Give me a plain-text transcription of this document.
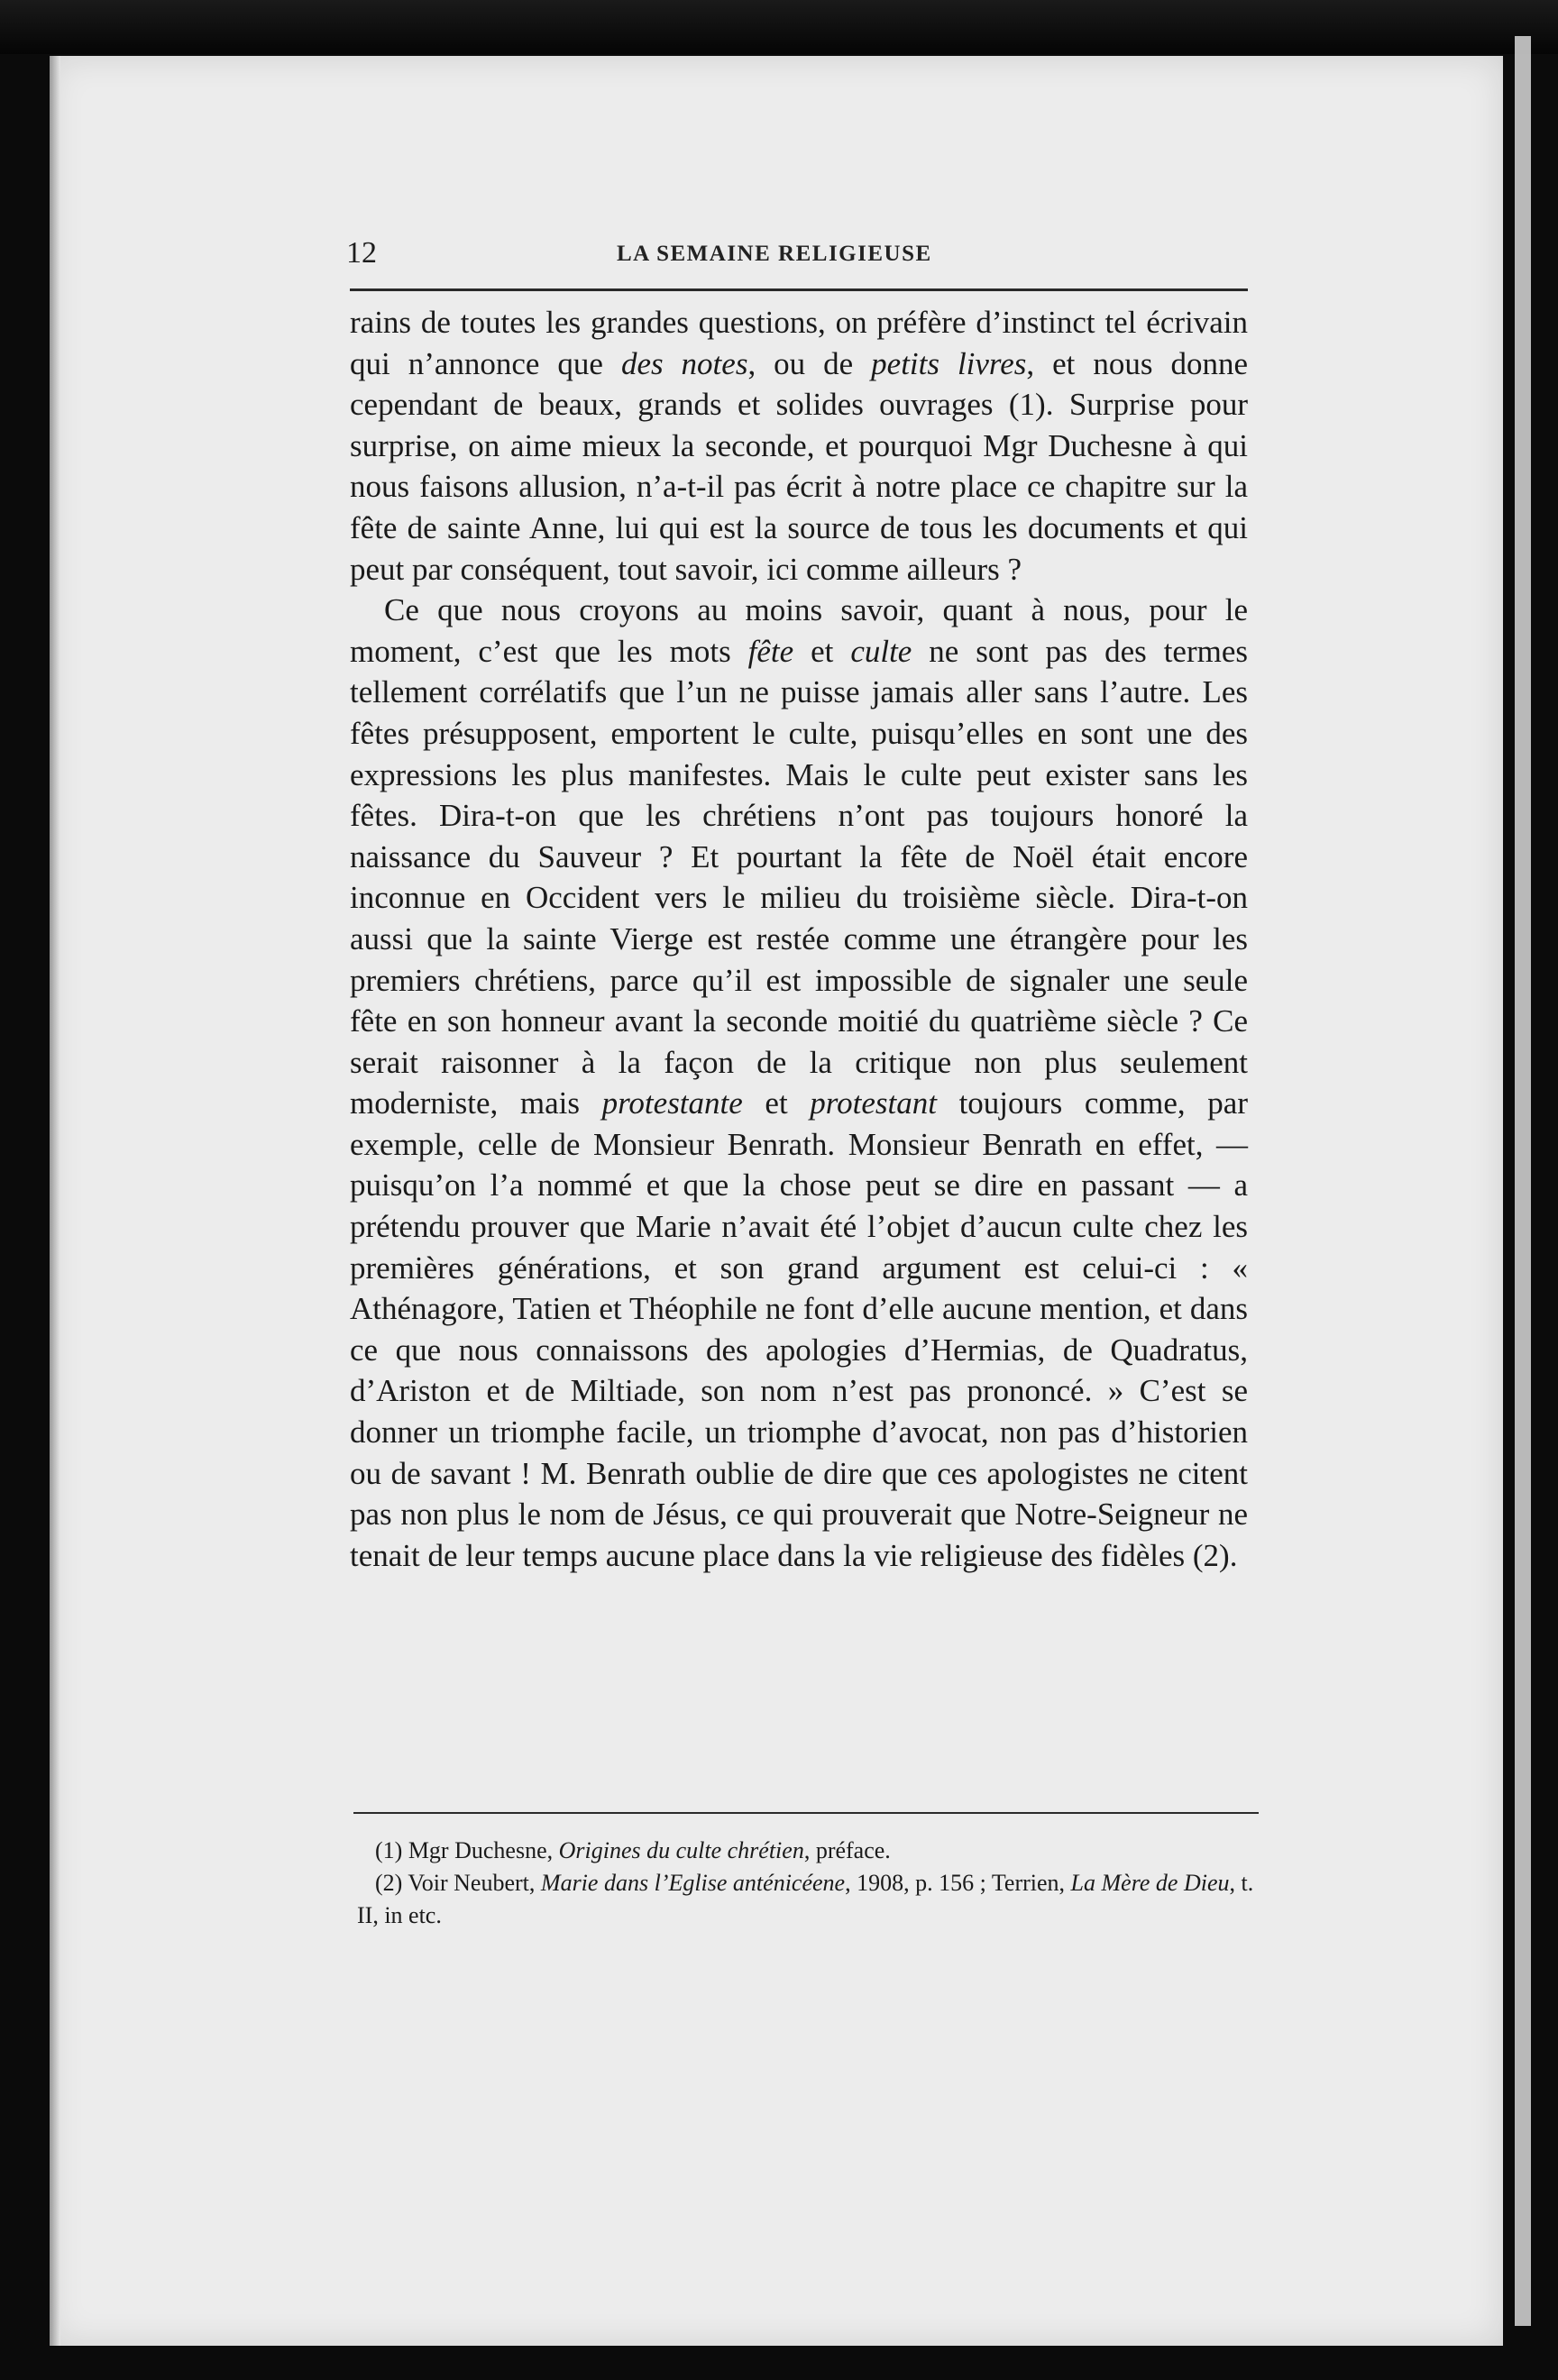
12	LA SEMAINE RELIGIEUSE

rains de toutes les grandes questions, on préfère d’instinct tel écrivain qui n’annonce que des notes, ou de petits livres, et nous donne cependant de beaux, grands et solides ouvrages (1). Surprise pour surprise, on aime mieux la seconde, et pourquoi Mgr Duchesne à qui nous faisons allusion, n’a-t-il pas écrit à notre place ce chapitre sur la fête de sainte Anne, lui qui est la source de tous les documents et qui peut par conséquent, tout savoir, ici comme ailleurs ?

Ce que nous croyons au moins savoir, quant à nous, pour le moment, c’est que les mots fête et culte ne sont pas des termes tellement corrélatifs que l’un ne puisse jamais aller sans l’autre. Les fêtes présupposent, emportent le culte, puisqu’elles en sont une des expressions les plus manifestes. Mais le culte peut exister sans les fêtes. Dira-t-on que les chrétiens n’ont pas toujours honoré la naissance du Sauveur ? Et pourtant la fête de Noël était encore inconnue en Occident vers le milieu du troisième siècle. Dira-t-on aussi que la sainte Vierge est restée comme une étrangère pour les premiers chrétiens, parce qu’il est impossible de signaler une seule fête en son honneur avant la seconde moitié du quatrième siècle ? Ce serait raisonner à la façon de la critique non plus seulement moderniste, mais protestante et protestant toujours comme, par exemple, celle de Monsieur Benrath. Monsieur Benrath en effet, — puisqu’on l’a nommé et que la chose peut se dire en passant — a prétendu prouver que Marie n’avait été l’objet d’aucun culte chez les premières générations, et son grand argument est celui-ci : « Athénagore, Tatien et Théophile ne font d’elle aucune mention, et dans ce que nous connaissons des apologies d’Hermias, de Quadratus, d’Ariston et de Miltiade, son nom n’est pas prononcé. » C’est se donner un triomphe facile, un triomphe d’avocat, non pas d’historien ou de savant ! M. Benrath oublie de dire que ces apologistes ne citent pas non plus le nom de Jésus, ce qui prouverait que Notre-Seigneur ne tenait de leur temps aucune place dans la vie religieuse des fidèles (2).

(1) Mgr Duchesne, Origines du culte chrétien, préface.

(2) Voir Neubert, Marie dans l’Eglise anténicéene, 1908, p. 156 ; Terrien, La Mère de Dieu, t. II, in etc.
